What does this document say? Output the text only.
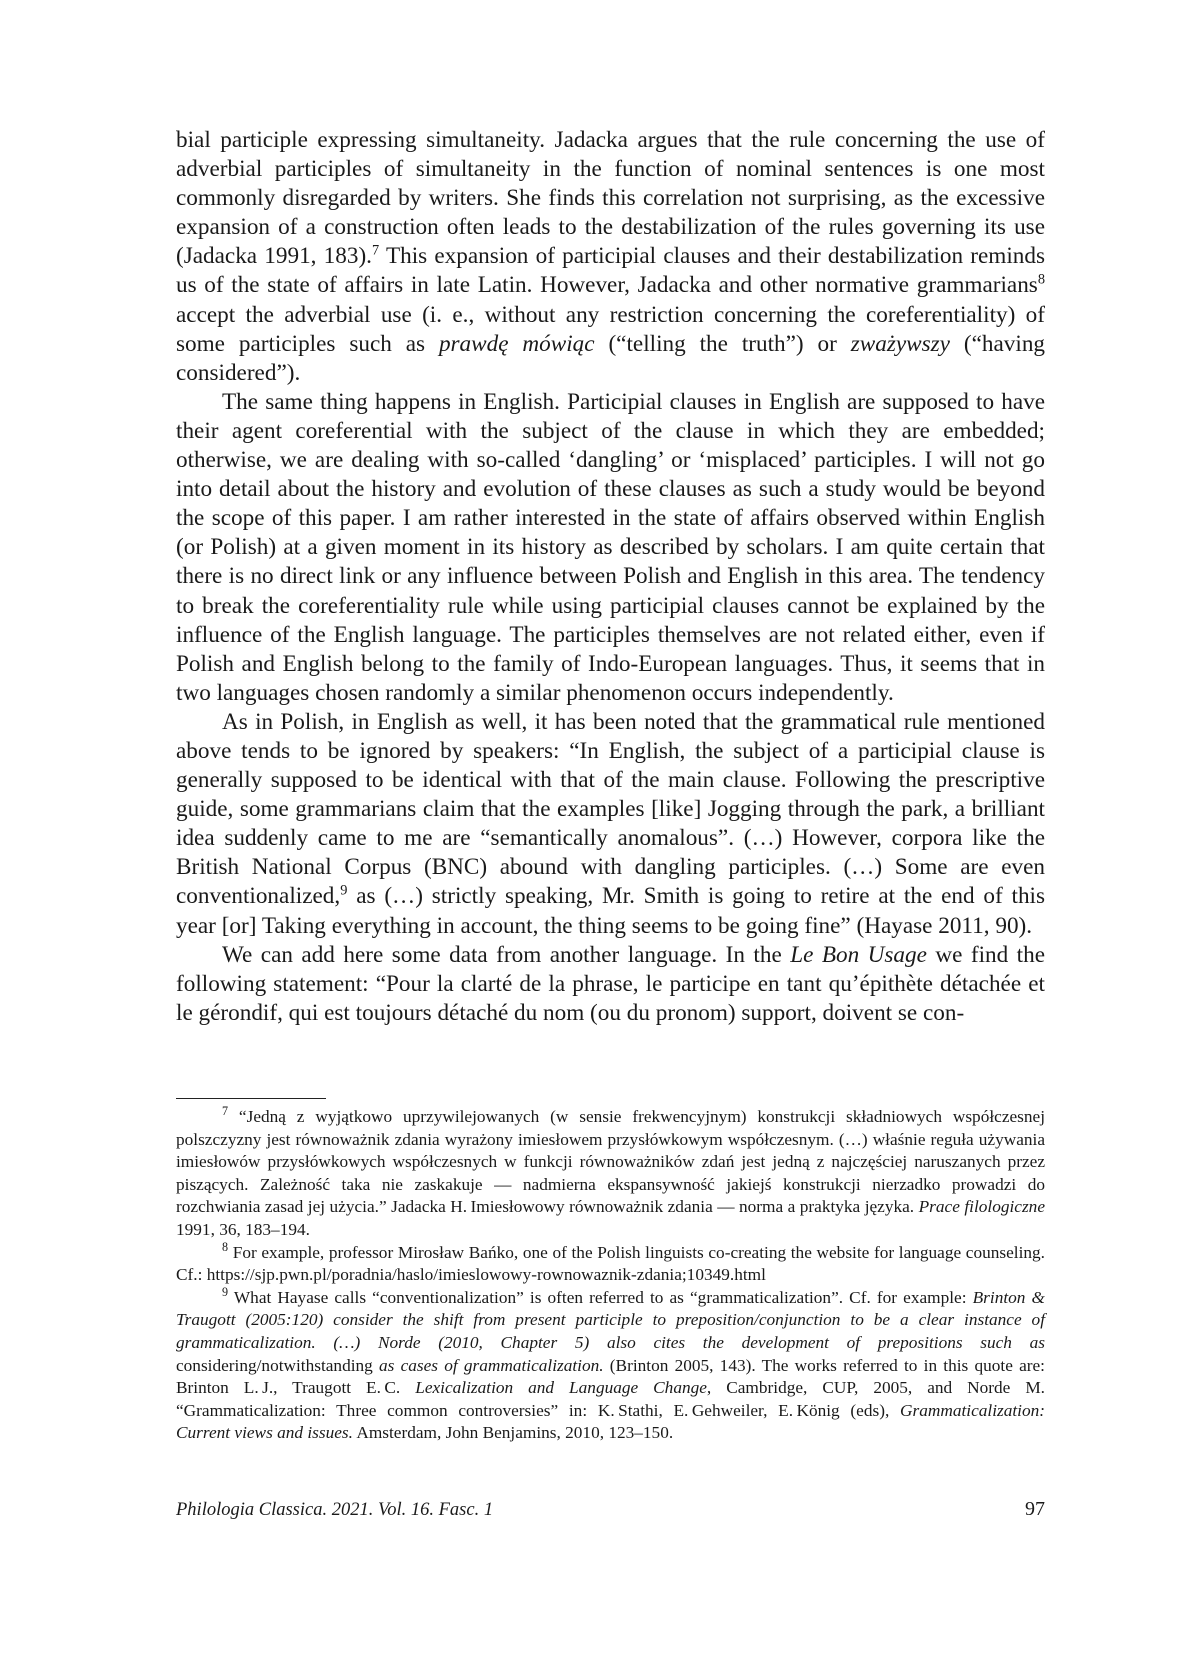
bial participle expressing simultaneity. Jadacka argues that the rule concerning the use of adverbial participles of simultaneity in the function of nominal sentences is one most commonly disregarded by writers. She finds this correlation not surprising, as the excessive expansion of a construction often leads to the destabilization of the rules governing its use (Jadacka 1991, 183).$^7$ This expansion of participial clauses and their destabilization reminds us of the state of affairs in late Latin. However, Jadacka and other normative grammarians$^8$ accept the adverbial use (i. e., without any restriction concerning the coreferentiality) of some participles such as prawdę mówiąc (“telling the truth”) or zważywszy (“having considered”).

The same thing happens in English. Participial clauses in English are supposed to have their agent coreferential with the subject of the clause in which they are embedded; otherwise, we are dealing with so-called ‘dangling’ or ‘misplaced’ participles. I will not go into detail about the history and evolution of these clauses as such a study would be beyond the scope of this paper. I am rather interested in the state of affairs observed within English (or Polish) at a given moment in its history as described by scholars. I am quite certain that there is no direct link or any influence between Polish and English in this area. The tendency to break the coreferentiality rule while using participial clauses cannot be explained by the influence of the English language. The participles themselves are not related either, even if Polish and English belong to the family of Indo-European languages. Thus, it seems that in two languages chosen randomly a similar phenomenon occurs independently.

As in Polish, in English as well, it has been noted that the grammatical rule mentioned above tends to be ignored by speakers: “In English, the subject of a participial clause is generally supposed to be identical with that of the main clause. Following the prescriptive guide, some grammarians claim that the examples [like] Jogging through the park, a brilliant idea suddenly came to me are “semantically anomalous”. (…) However, corpora like the British National Corpus (BNC) abound with dangling participles. (…) Some are even conventionalized,$^9$ as (…) strictly speaking, Mr. Smith is going to retire at the end of this year [or] Taking everything in account, the thing seems to be going fine” (Hayase 2011, 90).

We can add here some data from another language. In the Le Bon Usage we find the following statement: “Pour la clarté de la phrase, le participe en tant qu’épithète détachée et le gérondif, qui est toujours détaché du nom (ou du pronom) support, doivent se con-

$^7$ “Jedną z wyjątkowo uprzywilejowanych (w sensie frekwencyjnym) konstrukcji składniowych współczesnej polszczyzny jest równoważnik zdania wyrażony imiesłowem przysłówkowym współczesnym. (…) właśnie reguła używania imiesłowów przysłówkowych współczesnych w funkcji równoważników zdań jest jedną z najczęściej naruszanych przez piszących. Zależność taka nie zaskakuje — nadmierna ekspansywność jakiejś konstrukcji nierzadko prowadzi do rozchwiania zasad jej użycia.” Jadacka H. Imiesłowowy równoważnik zdania — norma a praktyka języka. Prace filologiczne 1991, 36, 183–194.

$^8$ For example, professor Mirosław Bańko, one of the Polish linguists co-creating the website for language counseling. Cf.: https://sjp.pwn.pl/poradnia/haslo/imieslowowy-rownowaznik-zdania;10349.html

$^9$ What Hayase calls “conventionalization” is often referred to as “grammaticalization”. Cf. for example: Brinton & Traugott (2005:120) consider the shift from present participle to preposition/conjunction to be a clear instance of grammaticalization. (…) Norde (2010, Chapter 5) also cites the development of prepositions such as considering/notwithstanding as cases of grammaticalization. (Brinton 2005, 143). The works referred to in this quote are: Brinton L. J., Traugott E. C. Lexicalization and Language Change, Cambridge, CUP, 2005, and Norde M. “Grammaticalization: Three common controversies” in: K. Stathi, E. Gehweiler, E. König (eds), Grammaticalization: Current views and issues. Amsterdam, John Benjamins, 2010, 123–150.

Philologia Classica. 2021. Vol. 16. Fasc. 1	97
